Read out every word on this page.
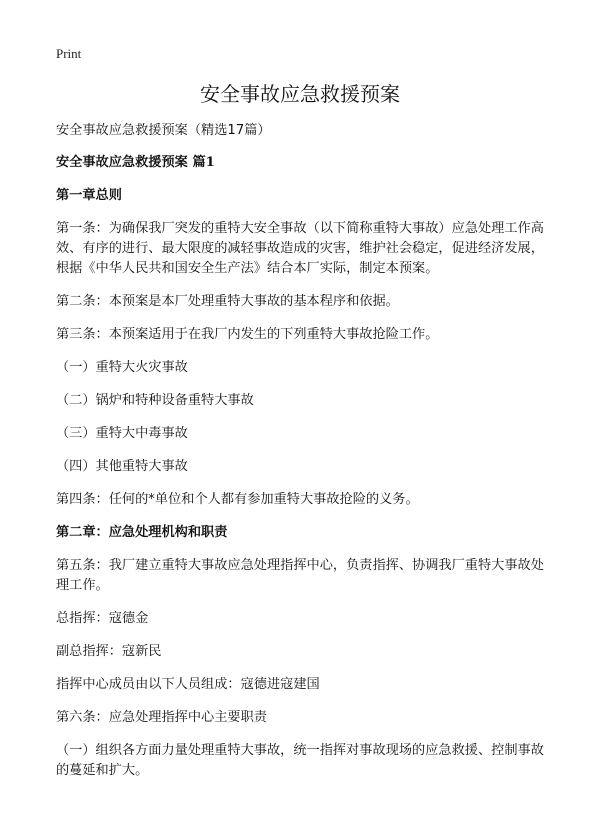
Print
安全事故应急救援预案

安全事故应急救援预案（精选17篇）

安全事故应急救援预案 篇1

第一章总则

第一条：为确保我厂突发的重特大安全事故（以下简称重特大事故）应急处理工作高效、有序的进行、最大限度的减轻事故造成的灾害，维护社会稳定，促进经济发展，根据《中华人民共和国安全生产法》结合本厂实际，制定本预案。

第二条：本预案是本厂处理重特大事故的基本程序和依据。

第三条：本预案适用于在我厂内发生的下列重特大事故抢险工作。

（一）重特大火灾事故

（二）锅炉和特种设备重特大事故

（三）重特大中毒事故

（四）其他重特大事故

第四条：任何的*单位和个人都有参加重特大事故抢险的义务。

第二章：应急处理机构和职责

第五条：我厂建立重特大事故应急处理指挥中心，负责指挥、协调我厂重特大事故处理工作。

总指挥：寇德金

副总指挥：寇新民

指挥中心成员由以下人员组成：寇德进寇建国

第六条：应急处理指挥中心主要职责

（一）组织各方面力量处理重特大事故，统一指挥对事故现场的应急救援、控制事故的蔓延和扩大。
